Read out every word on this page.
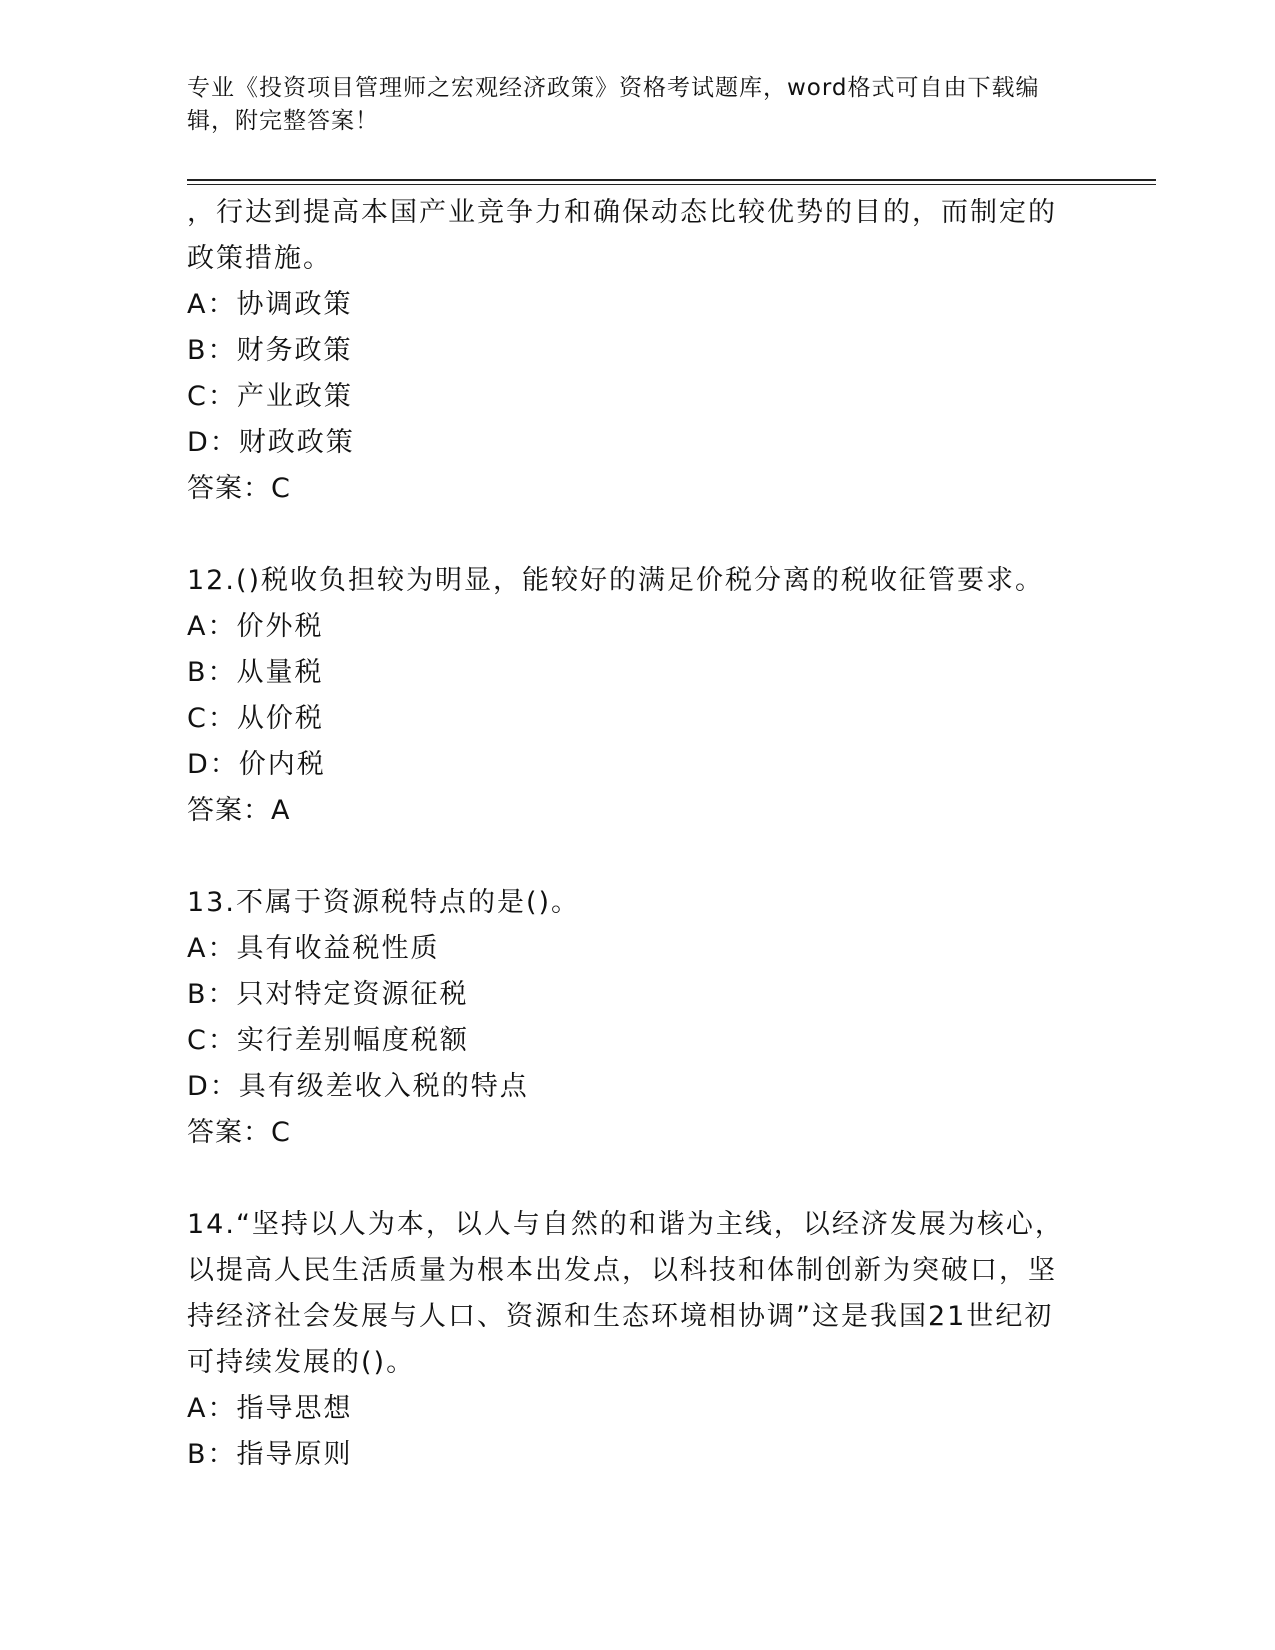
专业《投资项目管理师之宏观经济政策》资格考试题库，word格式可自由下载编
辑，附完整答案！
，行达到提高本国产业竞争力和确保动态比较优势的目的，而制定的
政策措施。
A：协调政策
B：财务政策
C：产业政策
D：财政政策
答案：C
12.()税收负担较为明显，能较好的满足价税分离的税收征管要求。
A：价外税
B：从量税
C：从价税
D：价内税
答案：A
13.不属于资源税特点的是()。
A：具有收益税性质
B：只对特定资源征税
C：实行差别幅度税额
D：具有级差收入税的特点
答案：C
14.“坚持以人为本，以人与自然的和谐为主线，以经济发展为核心，
以提高人民生活质量为根本出发点，以科技和体制创新为突破口，坚
持经济社会发展与人口、资源和生态环境相协调”这是我国21世纪初
可持续发展的()。
A：指导思想
B：指导原则
